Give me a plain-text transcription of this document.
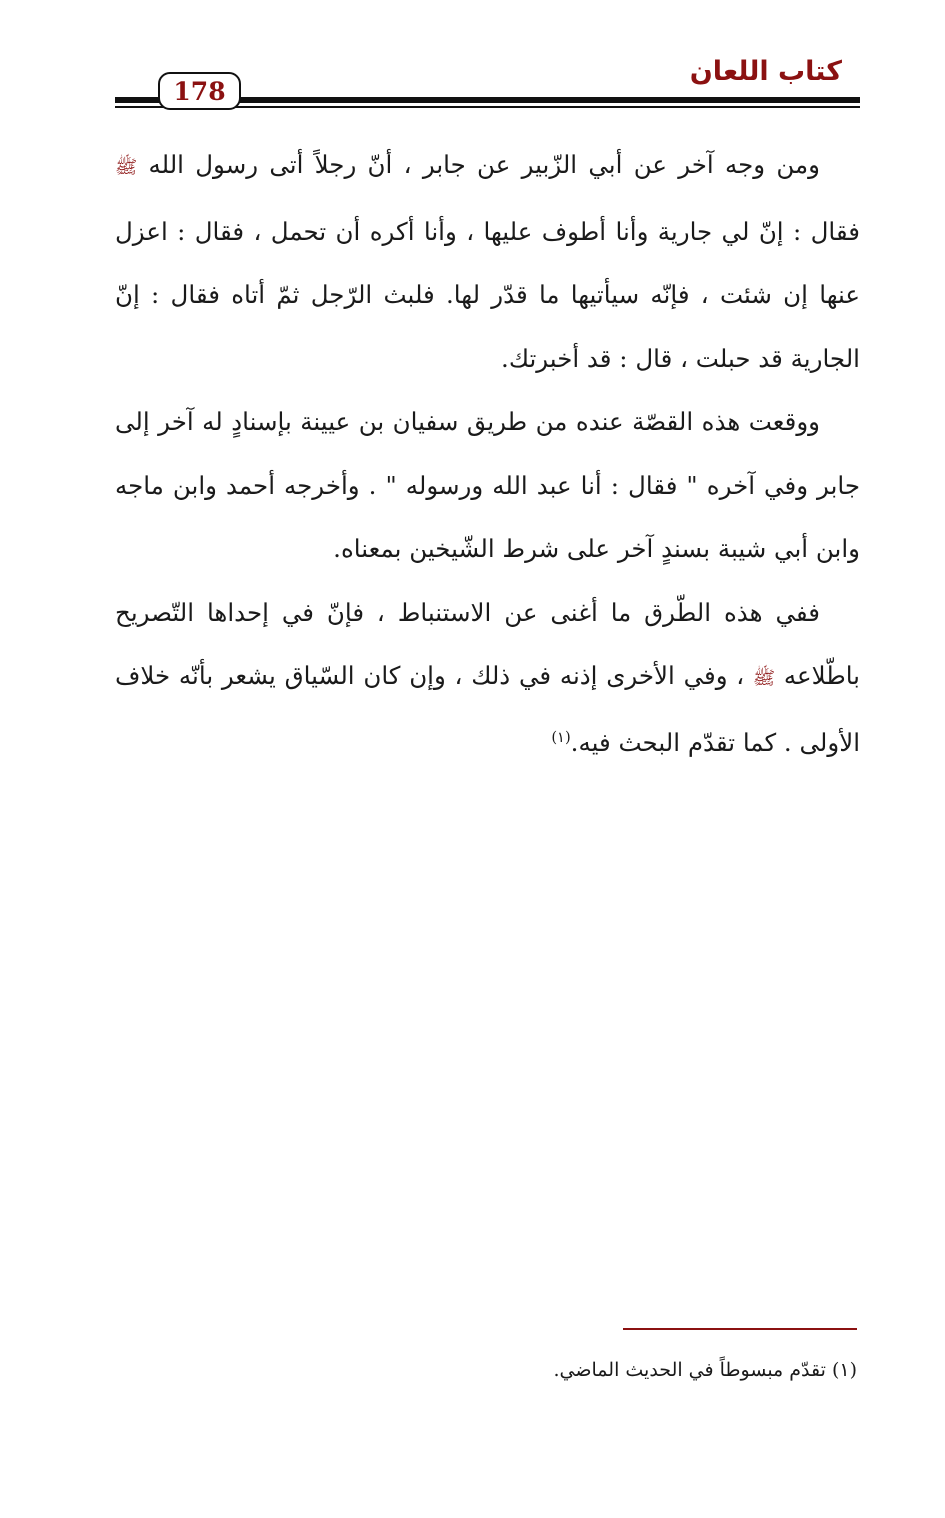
كتاب اللعان
178

ومن وجه آخر عن أبي الزّبير عن جابر ، أنّ رجلاً أتى رسول الله ﷺ فقال : إنّ لي جارية وأنا أطوف عليها ، وأنا أكره أن تحمل ، فقال : اعزل عنها إن شئت ، فإنّه سيأتيها ما قدّر لها. فلبث الرّجل ثمّ أتاه فقال : إنّ الجارية قد حبلت ، قال : قد أخبرتك.

ووقعت هذه القصّة عنده من طريق سفيان بن عيينة بإسنادٍ له آخر إلى جابر وفي آخره " فقال : أنا عبد الله ورسوله " . وأخرجه أحمد وابن ماجه وابن أبي شيبة بسندٍ آخر على شرط الشّيخين بمعناه.

ففي هذه الطّرق ما أغنى عن الاستنباط ، فإنّ في إحداها التّصريح باطّلاعه ﷺ ، وفي الأخرى إذنه في ذلك ، وإن كان السّياق يشعر بأنّه خلاف الأولى . كما تقدّم البحث فيه.$^{(١)}$

(١) تقدّم مبسوطاً في الحديث الماضي.
